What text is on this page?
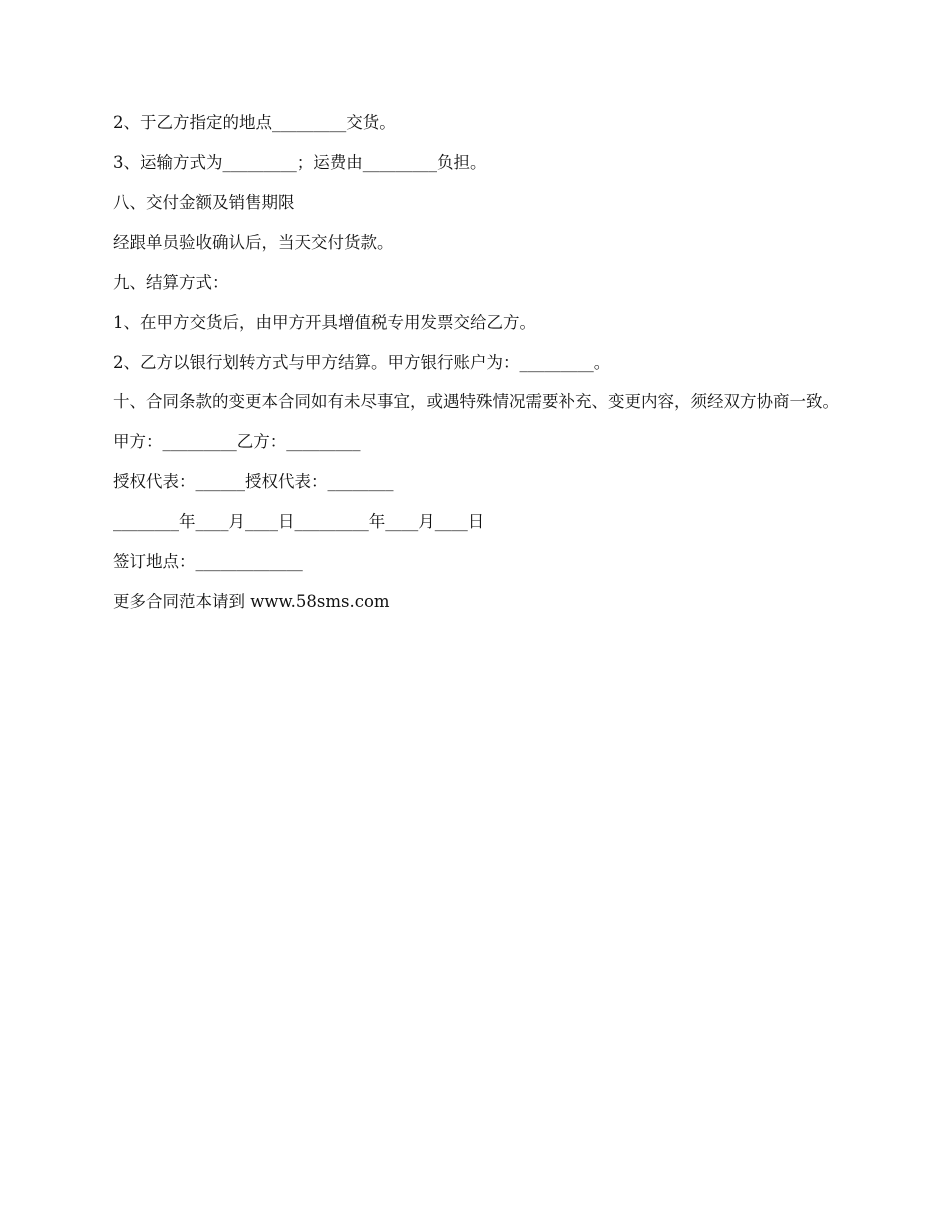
2、于乙方指定的地点_________交货。

3、运输方式为_________；运费由_________负担。

八、交付金额及销售期限

经跟单员验收确认后，当天交付货款。

九、结算方式：

1、在甲方交货后，由甲方开具增值税专用发票交给乙方。

2、乙方以银行划转方式与甲方结算。甲方银行账户为：_________。

十、合同条款的变更本合同如有未尽事宜，或遇特殊情况需要补充、变更内容，须经双方协商一致。

甲方：_________乙方：_________

授权代表：______授权代表：________

________年____月____日_________年____月____日

签订地点：_____________

更多合同范本请到 www.58sms.com
